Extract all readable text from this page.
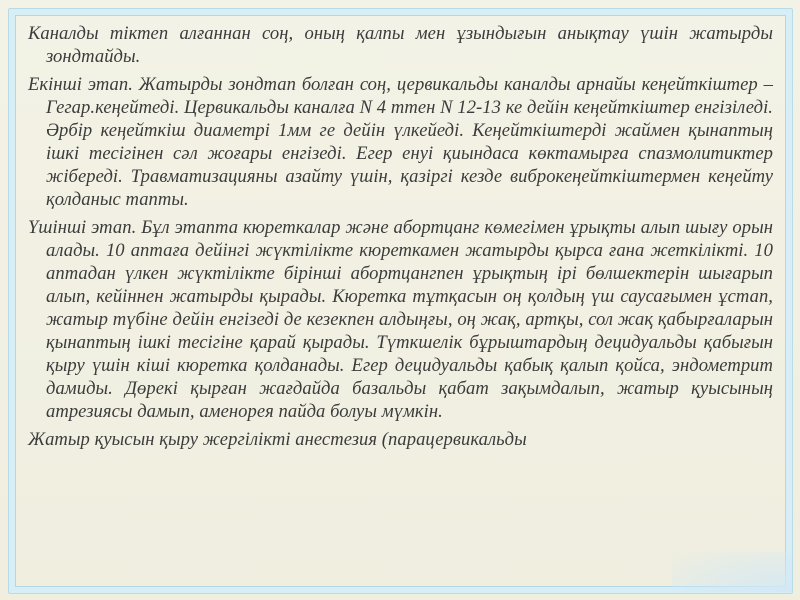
Каналды тіктеп алғаннан соң, оның қалпы мен ұзындығын анықтау үшін жатырды зондтайды.

Екінші этап. Жатырды зондтап болған соң, цервикальды каналды арнайы кеңейткіштер –Гегар.кеңейтеді. Цервикальды каналға N 4 ттен N 12-13 ке дейін кеңейткіштер енгізіледі. Әрбір кеңейткіш диаметрі 1мм ге дейін үлкейеді. Кеңейткіштерді жаймен қынаптың ішкі тесігінен сәл жоғары енгізеді. Егер енуі қиындаса көктамырға спазмолитиктер жібереді. Травматизацияны азайту үшін, қазіргі кезде виброкеңейткіштермен кеңейту қолданыс тапты.

Үшінші этап. Бұл этапта кюреткалар және абортцанг көмегімен ұрықты алып шығу орын алады. 10 аптаға дейінгі жүктілікте кюреткамен жатырды қырса ғана жеткілікті. 10 аптадан үлкен жүктілікте бірінші абортцангпен ұрықтың ірі бөлшектерін шығарып алып, кейіннен жатырды қырады. Кюретка тұтқасын оң қолдың үш саусағымен ұстап, жатыр түбіне дейін енгізеді де кезекпен алдыңғы, оң жақ, артқы, сол жақ қабырғаларын қынаптың ішкі тесігіне қарай қырады. Түткшелік бұрыштардың децидуальды қабығын қыру үшін кіші кюретка қолданады. Егер децидуальды қабық қалып қойса, эндометрит дамиды. Дөрекі қырған жағдайда базальды қабат зақымдалып, жатыр қуысының атрезиясы дамып, аменорея пайда болуы мүмкін.

Жатыр қуысын қыру жергілікті анестезия (парацервикальды
